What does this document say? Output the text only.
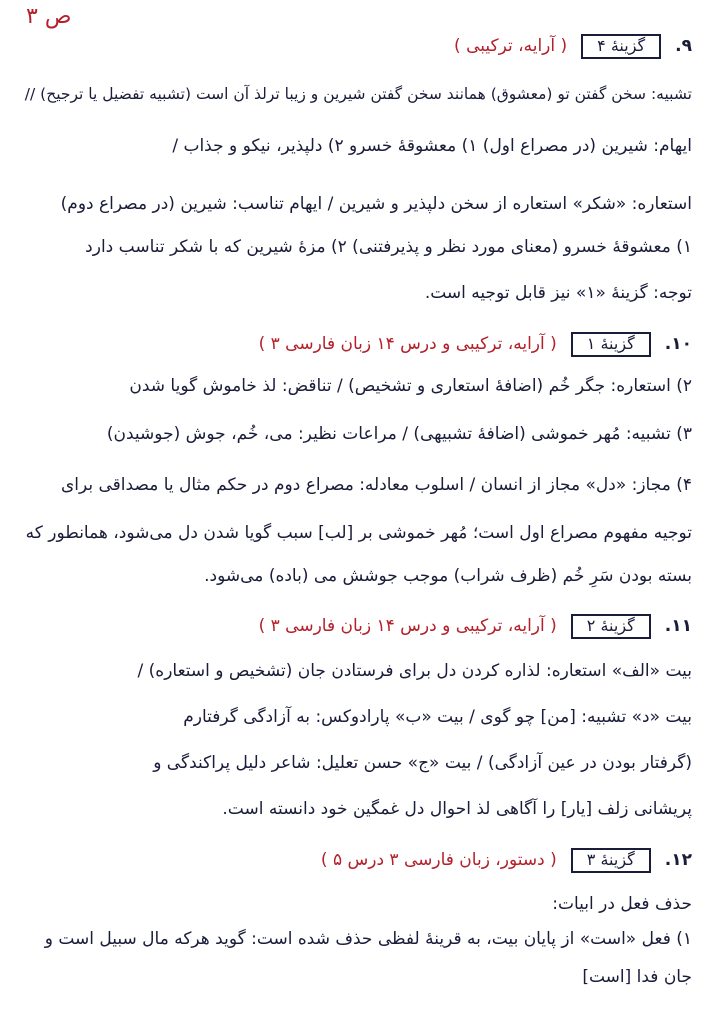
ص ۳
۹.
گزینهٔ ۴
( آرایه، ترکیبی )
تشبیه: سخن گفتن تو (معشوق) همانند سخن گفتن شیرین و زیبا ترلذ آن است (تشبیه تفضیل یا ترجیح) //
ایهام: شیرین (در مصراع اول) ۱) معشوقهٔ خسرو ۲) دلپذیر، نیکو و جذاب /
استعاره: «شکر» استعاره از سخن دلپذیر و شیرین / ایهام تناسب: شیرین (در مصراع دوم)
۱) معشوقهٔ خسرو (معنای مورد نظر و پذیرفتنی) ۲) مزهٔ شیرین که با شکر تناسب دارد
توجه: گزینهٔ «۱» نیز قابل توجیه است.
۱۰.
گزینهٔ ۱
( آرایه، ترکیبی و درس ۱۴ زبان فارسی ۳ )
۲) استعاره: جگر خُم (اضافهٔ استعاری و تشخیص) / تناقض: لذ خاموش گویا شدن
۳) تشبیه: مُهر خموشی (اضافهٔ تشبیهی) / مراعات نظیر: می، خُم، جوش (جوشیدن)
۴) مجاز: «دل» مجاز از انسان / اسلوب معادله: مصراع دوم در حکم مثال یا مصداقی برای
توجیه مفهوم مصراع اول است؛ مُهر خموشی بر [لب] سبب گویا شدن دل می‌شود، همانطور که
بسته بودن سَرِ خُم (ظرف شراب) موجب جوشش می (باده) می‌شود.
۱۱.
گزینهٔ ۲
( آرایه، ترکیبی و درس ۱۴ زبان فارسی ۳ )
بیت «الف» استعاره: لذاره کردن دل برای فرستادن جان (تشخیص و استعاره) /
بیت «د» تشبیه: [من] چو گوی / بیت «ب» پارادوکس: به آزادگی گرفتارم
(گرفتار بودن در عین آزادگی) / بیت «ج» حسن تعلیل: شاعر دلیل پراکندگی و
پریشانی زلف [یار] را آگاهی لذ احوال دل غمگین خود دانسته است.
۱۲.
گزینهٔ ۳
( دستور، زبان فارسی ۳ درس ۵ )
حذف فعل در ابیات:
۱) فعل «است» از پایان بیت، به قرینهٔ لفظی حذف شده است: گوید هرکه مال سبیل است و
جان فدا [است]
